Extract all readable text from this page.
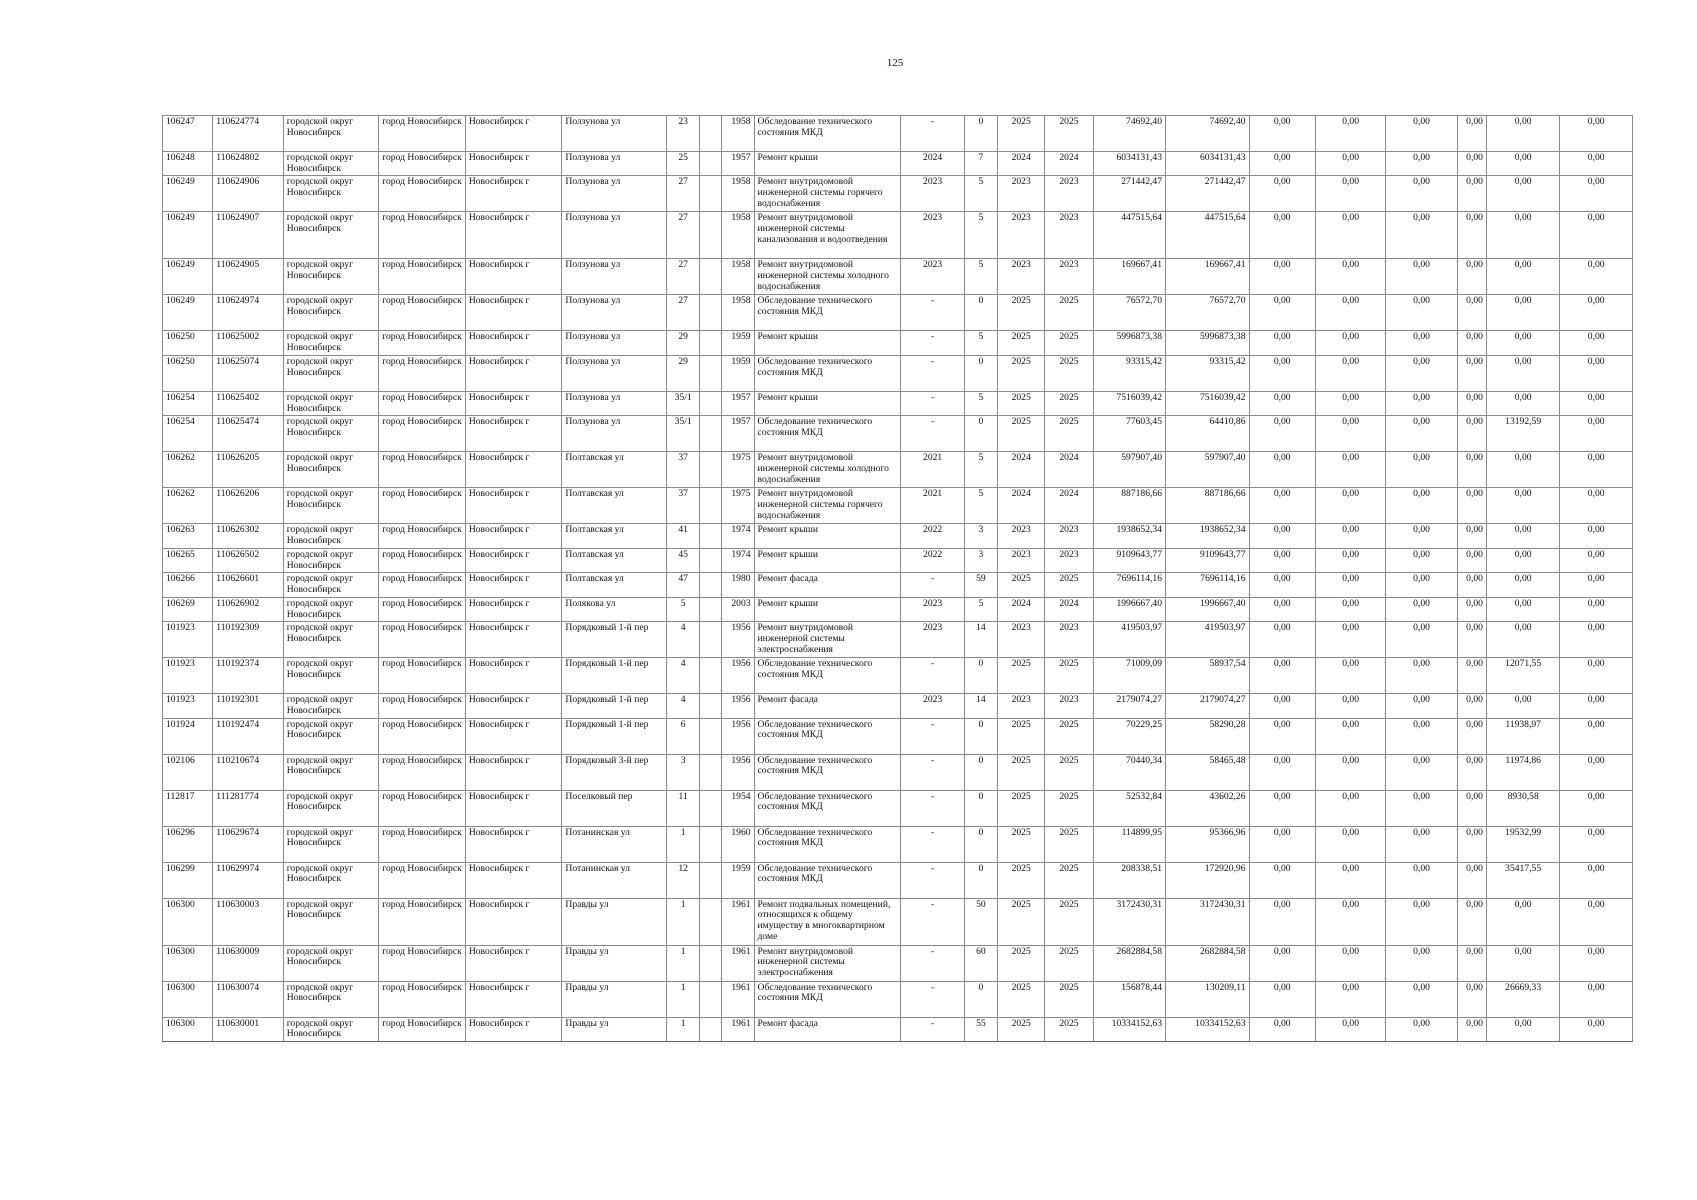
125
106247	110624774	городской округ Новосибирск	город Новосибирск	Новосибирск г	Ползунова ул	23		1958	Обследование технического состояния МКД	-	0	2025	2025	74692,40	74692,40	0,00	0,00	0,00	0,00	0,00	0,00
106248	110624802	городской округ Новосибирск	город Новосибирск	Новосибирск г	Ползунова ул	25		1957	Ремонт крыши	2024	7	2024	2024	6034131,43	6034131,43	0,00	0,00	0,00	0,00	0,00	0,00
106249	110624906	городской округ Новосибирск	город Новосибирск	Новосибирск г	Ползунова ул	27		1958	Ремонт внутридомовой инженерной системы горячего водоснабжения	2023	5	2023	2023	271442,47	271442,47	0,00	0,00	0,00	0,00	0,00	0,00
106249	110624907	городской округ Новосибирск	город Новосибирск	Новосибирск г	Ползунова ул	27		1958	Ремонт внутридомовой инженерной системы канализования и водоотведения	2023	5	2023	2023	447515,64	447515,64	0,00	0,00	0,00	0,00	0,00	0,00
106249	110624905	городской округ Новосибирск	город Новосибирск	Новосибирск г	Ползунова ул	27		1958	Ремонт внутридомовой инженерной системы холодного водоснабжения	2023	5	2023	2023	169667,41	169667,41	0,00	0,00	0,00	0,00	0,00	0,00
106249	110624974	городской округ Новосибирск	город Новосибирск	Новосибирск г	Ползунова ул	27		1958	Обследование технического состояния МКД	-	0	2025	2025	76572,70	76572,70	0,00	0,00	0,00	0,00	0,00	0,00
106250	110625002	городской округ Новосибирск	город Новосибирск	Новосибирск г	Ползунова ул	29		1959	Ремонт крыши	-	5	2025	2025	5996873,38	5996873,38	0,00	0,00	0,00	0,00	0,00	0,00
106250	110625074	городской округ Новосибирск	город Новосибирск	Новосибирск г	Ползунова ул	29		1959	Обследование технического состояния МКД	-	0	2025	2025	93315,42	93315,42	0,00	0,00	0,00	0,00	0,00	0,00
106254	110625402	городской округ Новосибирск	город Новосибирск	Новосибирск г	Ползунова ул	35/1		1957	Ремонт крыши	-	5	2025	2025	7516039,42	7516039,42	0,00	0,00	0,00	0,00	0,00	0,00
106254	110625474	городской округ Новосибирск	город Новосибирск	Новосибирск г	Ползунова ул	35/1		1957	Обследование технического состояния МКД	-	0	2025	2025	77603,45	64410,86	0,00	0,00	0,00	0,00	13192,59	0,00
106262	110626205	городской округ Новосибирск	город Новосибирск	Новосибирск г	Полтавская ул	37		1975	Ремонт внутридомовой инженерной системы холодного водоснабжения	2021	5	2024	2024	597907,40	597907,40	0,00	0,00	0,00	0,00	0,00	0,00
106262	110626206	городской округ Новосибирск	город Новосибирск	Новосибирск г	Полтавская ул	37		1975	Ремонт внутридомовой инженерной системы горячего водоснабжения	2021	5	2024	2024	887186,66	887186,66	0,00	0,00	0,00	0,00	0,00	0,00
106263	110626302	городской округ Новосибирск	город Новосибирск	Новосибирск г	Полтавская ул	41		1974	Ремонт крыши	2022	3	2023	2023	1938652,34	1938652,34	0,00	0,00	0,00	0,00	0,00	0,00
106265	110626502	городской округ Новосибирск	город Новосибирск	Новосибирск г	Полтавская ул	45		1974	Ремонт крыши	2022	3	2023	2023	9109643,77	9109643,77	0,00	0,00	0,00	0,00	0,00	0,00
106266	110626601	городской округ Новосибирск	город Новосибирск	Новосибирск г	Полтавская ул	47		1980	Ремонт фасада	-	59	2025	2025	7696114,16	7696114,16	0,00	0,00	0,00	0,00	0,00	0,00
106269	110626902	городской округ Новосибирск	город Новосибирск	Новосибирск г	Полякова ул	5		2003	Ремонт крыши	2023	5	2024	2024	1996667,40	1996667,40	0,00	0,00	0,00	0,00	0,00	0,00
101923	110192309	городской округ Новосибирск	город Новосибирск	Новосибирск г	Порядковый 1-й пер	4		1956	Ремонт внутридомовой инженерной системы электроснабжения	2023	14	2023	2023	419503,97	419503,97	0,00	0,00	0,00	0,00	0,00	0,00
101923	110192374	городской округ Новосибирск	город Новосибирск	Новосибирск г	Порядковый 1-й пер	4		1956	Обследование технического состояния МКД	-	0	2025	2025	71009,09	58937,54	0,00	0,00	0,00	0,00	12071,55	0,00
101923	110192301	городской округ Новосибирск	город Новосибирск	Новосибирск г	Порядковый 1-й пер	4		1956	Ремонт фасада	2023	14	2023	2023	2179074,27	2179074,27	0,00	0,00	0,00	0,00	0,00	0,00
101924	110192474	городской округ Новосибирск	город Новосибирск	Новосибирск г	Порядковый 1-й пер	6		1956	Обследование технического состояния МКД	-	0	2025	2025	70229,25	58290,28	0,00	0,00	0,00	0,00	11938,97	0,00
102106	110210674	городской округ Новосибирск	город Новосибирск	Новосибирск г	Порядковый 3-й пер	3		1956	Обследование технического состояния МКД	-	0	2025	2025	70440,34	58465,48	0,00	0,00	0,00	0,00	11974,86	0,00
112817	111281774	городской округ Новосибирск	город Новосибирск	Новосибирск г	Поселковый пер	11		1954	Обследование технического состояния МКД	-	0	2025	2025	52532,84	43602,26	0,00	0,00	0,00	0,00	8930,58	0,00
106296	110629674	городской округ Новосибирск	город Новосибирск	Новосибирск г	Потанинская ул	1		1960	Обследование технического состояния МКД	-	0	2025	2025	114899,95	95366,96	0,00	0,00	0,00	0,00	19532,99	0,00
106299	110629974	городской округ Новосибирск	город Новосибирск	Новосибирск г	Потанинская ул	12		1959	Обследование технического состояния МКД	-	0	2025	2025	208338,51	172920,96	0,00	0,00	0,00	0,00	35417,55	0,00
106300	110630003	городской округ Новосибирск	город Новосибирск	Новосибирск г	Правды ул	1		1961	Ремонт подвальных помещений, относящихся к общему имуществу в многоквартирном доме	-	50	2025	2025	3172430,31	3172430,31	0,00	0,00	0,00	0,00	0,00	0,00
106300	110630009	городской округ Новосибирск	город Новосибирск	Новосибирск г	Правды ул	1		1961	Ремонт внутридомовой инженерной системы электроснабжения	-	60	2025	2025	2682884,58	2682884,58	0,00	0,00	0,00	0,00	0,00	0,00
106300	110630074	городской округ Новосибирск	город Новосибирск	Новосибирск г	Правды ул	1		1961	Обследование технического состояния МКД	-	0	2025	2025	156878,44	130209,11	0,00	0,00	0,00	0,00	26669,33	0,00
106300	110630001	городской округ Новосибирск	город Новосибирск	Новосибирск г	Правды ул	1		1961	Ремонт фасада	-	55	2025	2025	10334152,63	10334152,63	0,00	0,00	0,00	0,00	0,00	0,00
